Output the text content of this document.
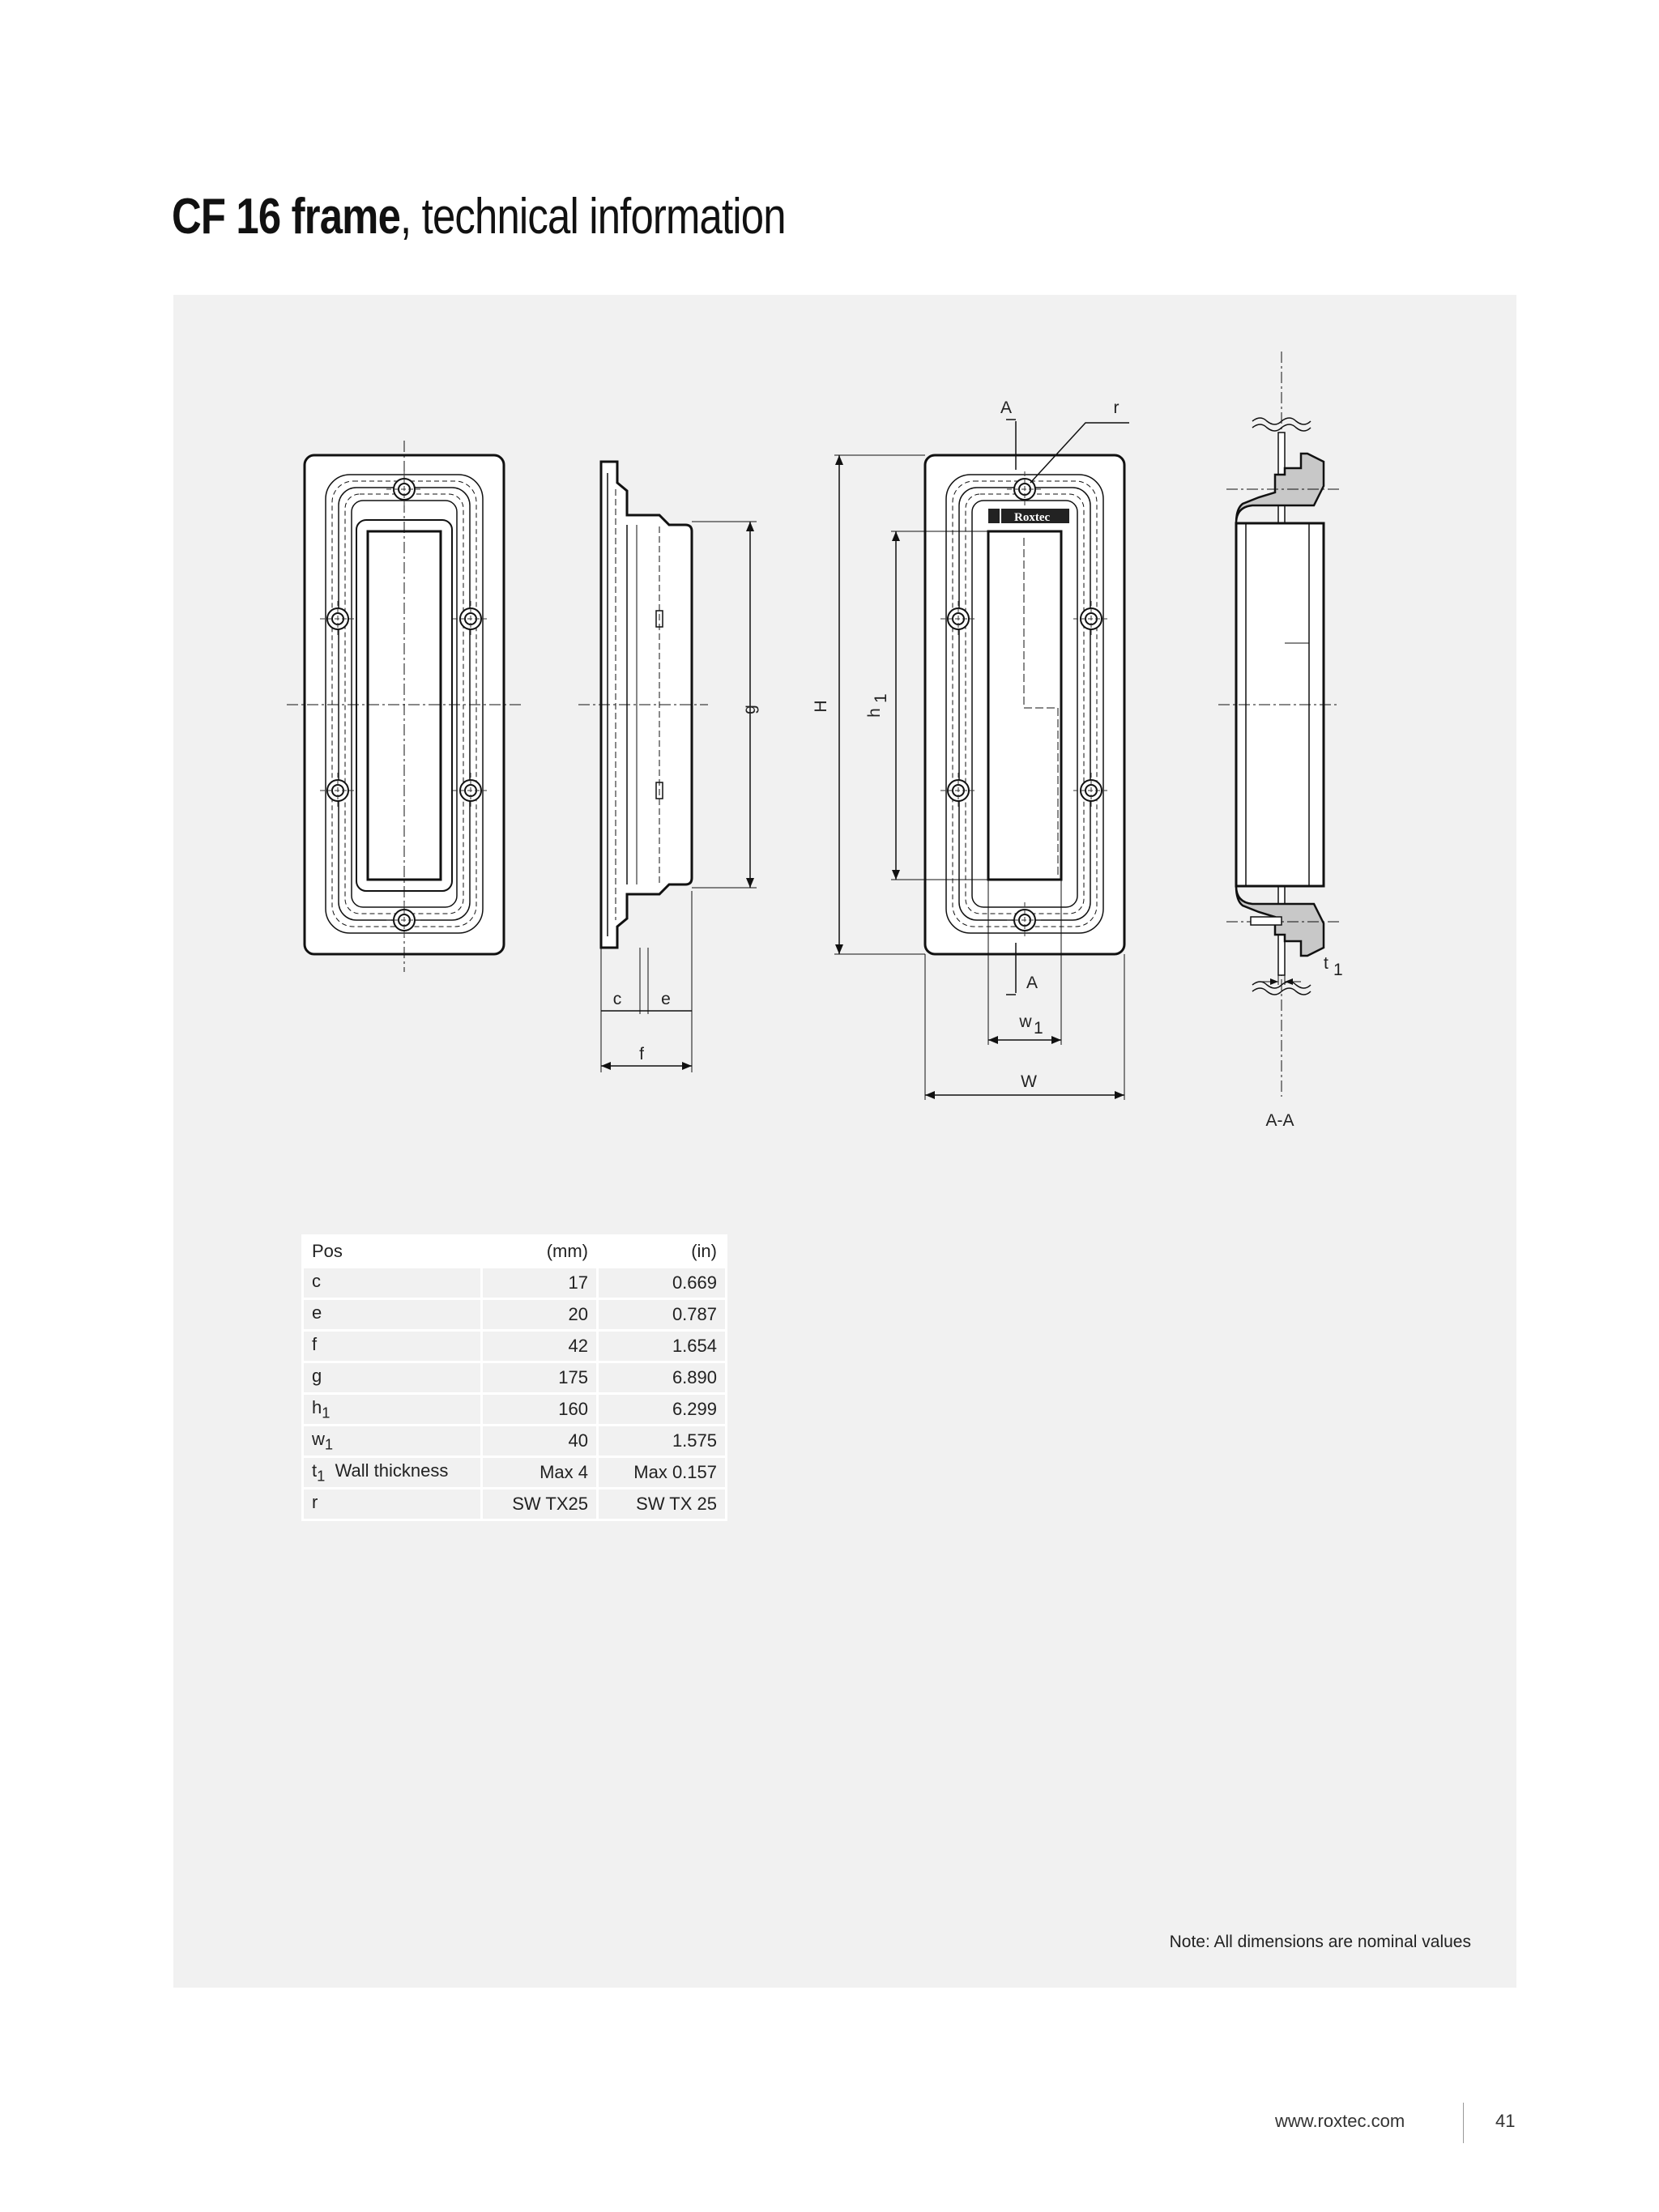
CF 16 frame, technical information
g
c e
f
Roxtec
H
h
1
A	r
A
w 1
W
t 1
A-A
Pos	(mm)	(in)
c	17	0.669
e	20	0.787
f	42	1.654
g	175	6.890
$h_1$	160	6.299
$w_1$	40	1.575
$t_1$ Wall thickness	Max 4	Max 0.157
r	SW TX25	SW TX 25
Note: All dimensions are nominal values
www.roxtec.com	41
